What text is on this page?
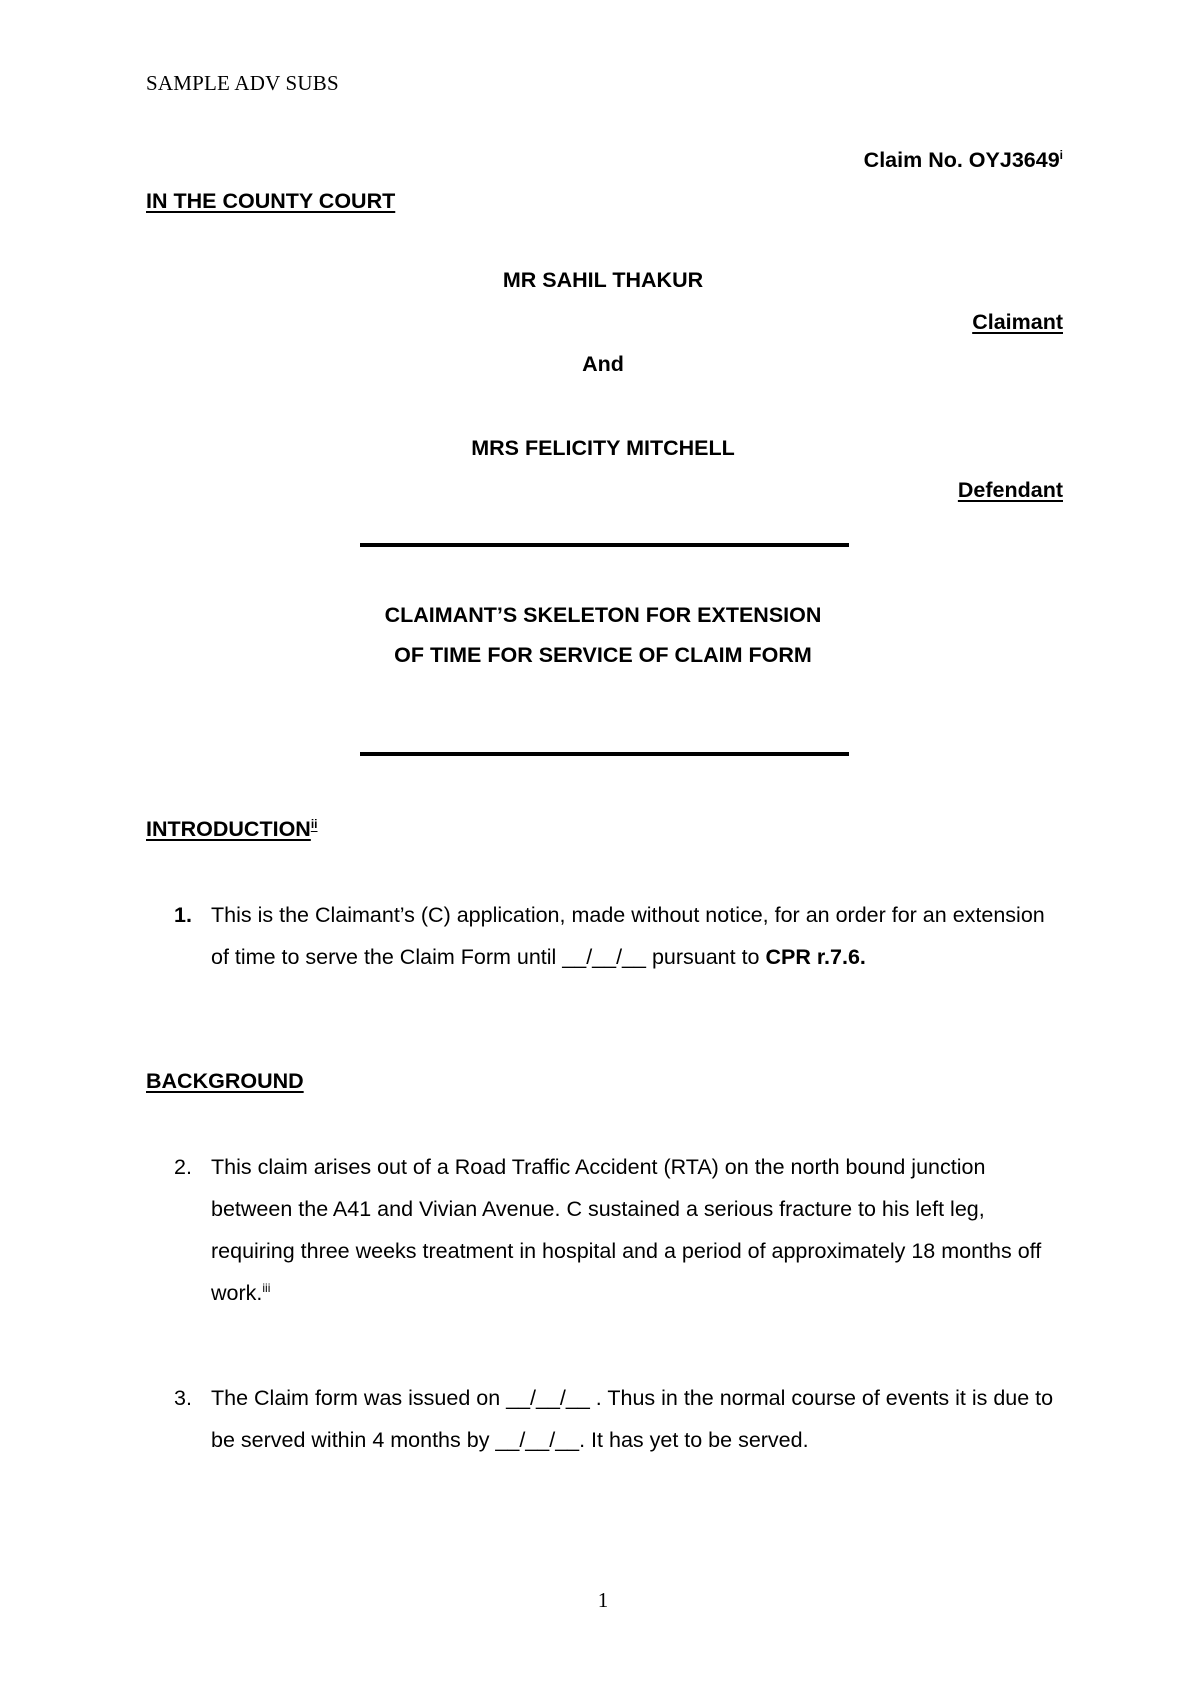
SAMPLE ADV SUBS
Claim No. OYJ3649$^i$
IN THE COUNTY COURT
MR SAHIL THAKUR
Claimant
And
MRS FELICITY MITCHELL
Defendant
CLAIMANT’S SKELETON FOR EXTENSION
OF TIME FOR SERVICE OF CLAIM FORM
INTRODUCTION$^{ii}$
1. This is the Claimant’s (C) application, made without notice, for an order for an extension of time to serve the Claim Form until __/__/__ pursuant to CPR r.7.6.
BACKGROUND
2. This claim arises out of a Road Traffic Accident (RTA) on the north bound junction between the A41 and Vivian Avenue. C sustained a serious fracture to his left leg, requiring three weeks treatment in hospital and a period of approximately 18 months off work.$^{iii}$
3. The Claim form was issued on __/__/__ . Thus in the normal course of events it is due to be served within 4 months by __/__/__. It has yet to be served.
1
